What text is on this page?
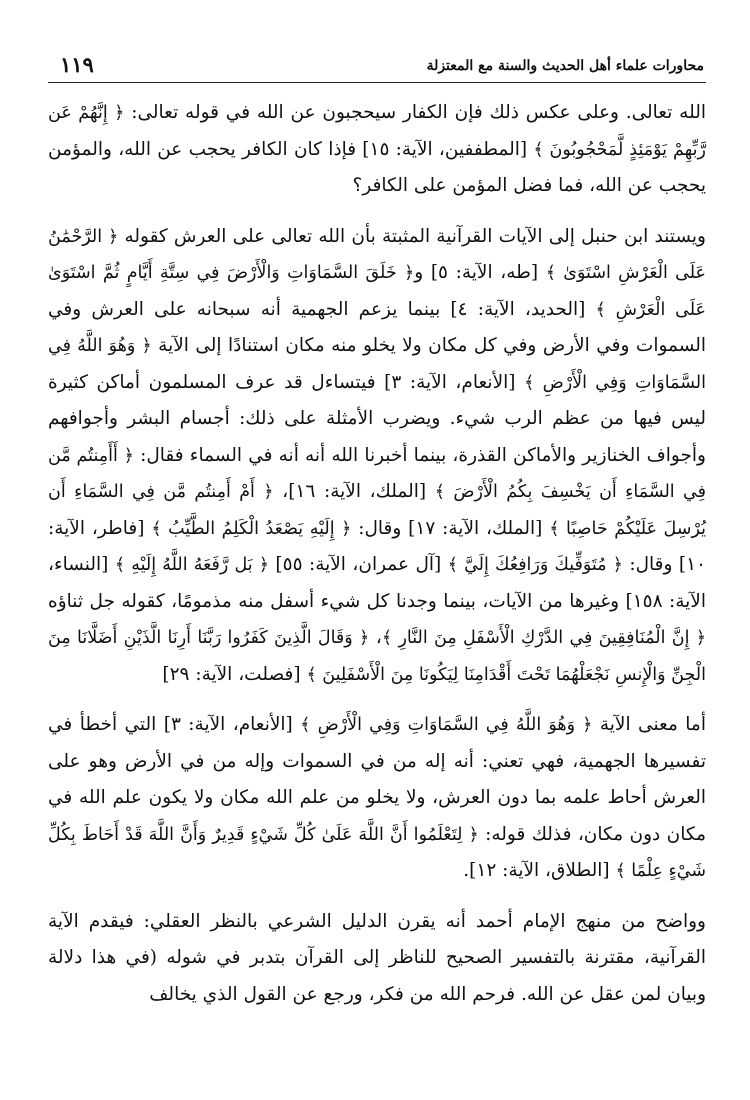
محاورات علماء أهل الحديث والسنة مع المعتزلة
١١٩

الله تعالى. وعلى عكس ذلك فإن الكفار سيحجبون عن الله في قوله تعالى: ﴿ إِنَّهُمْ عَن رَّبِّهِمْ يَوْمَئِذٍ لَّمَحْجُوبُونَ ﴾ [المطففين، الآية: ١٥] فإذا كان الكافر يحجب عن الله، والمؤمن يحجب عن الله، فما فضل المؤمن على الكافر؟

ويستند ابن حنبل إلى الآيات القرآنية المثبتة بأن الله تعالى على العرش كقوله ﴿ الرَّحْمَٰنُ عَلَى الْعَرْشِ اسْتَوَىٰ ﴾ [طه، الآية: ٥] و﴿ خَلَقَ السَّمَاوَاتِ وَالْأَرْضَ فِي سِتَّةِ أَيَّامٍ ثُمَّ اسْتَوَىٰ عَلَى الْعَرْشِ ﴾ [الحديد، الآية: ٤] بينما يزعم الجهمية أنه سبحانه على العرش وفي السموات وفي الأرض وفي كل مكان ولا يخلو منه مكان استنادًا إلى الآية ﴿ وَهُوَ اللَّهُ فِي السَّمَاوَاتِ وَفِي الْأَرْضِ ﴾ [الأنعام، الآية: ٣] فيتساءل قد عرف المسلمون أماكن كثيرة ليس فيها من عظم الرب شيء. ويضرب الأمثلة على ذلك: أجسام البشر وأجوافهم وأجواف الخنازير والأماكن القذرة، بينما أخبرنا الله أنه أنه في السماء فقال: ﴿ أَأَمِنتُم مَّن فِي السَّمَاءِ أَن يَخْسِفَ بِكُمُ الْأَرْضَ ﴾ [الملك، الآية: ١٦]، ﴿ أَمْ أَمِنتُم مَّن فِي السَّمَاءِ أَن يُرْسِلَ عَلَيْكُمْ حَاصِبًا ﴾ [الملك، الآية: ١٧] وقال: ﴿ إِلَيْهِ يَصْعَدُ الْكَلِمُ الطَّيِّبُ ﴾ [فاطر، الآية: ١٠] وقال: ﴿ مُتَوَفِّيكَ وَرَافِعُكَ إِلَيَّ ﴾ [آل عمران، الآية: ٥٥] ﴿ بَل رَّفَعَهُ اللَّهُ إِلَيْهِ ﴾ [النساء، الآية: ١٥٨] وغيرها من الآيات، بينما وجدنا كل شيء أسفل منه مذمومًا، كقوله جل ثناؤه ﴿ إِنَّ الْمُنَافِقِينَ فِي الدَّرْكِ الْأَسْفَلِ مِنَ النَّارِ ﴾، ﴿ وَقَالَ الَّذِينَ كَفَرُوا رَبَّنَا أَرِنَا الَّذَيْنِ أَضَلَّانَا مِنَ الْجِنِّ وَالْإِنسِ نَجْعَلْهُمَا تَحْتَ أَقْدَامِنَا لِيَكُونَا مِنَ الْأَسْفَلِينَ ﴾ [فصلت، الآية: ٢٩]

أما معنى الآية ﴿ وَهُوَ اللَّهُ فِي السَّمَاوَاتِ وَفِي الْأَرْضِ ﴾ [الأنعام، الآية: ٣] التي أخطأ في تفسيرها الجهمية، فهي تعني: أنه إله من في السموات وإله من في الأرض وهو على العرش أحاط علمه بما دون العرش، ولا يخلو من علم الله مكان ولا يكون علم الله في مكان دون مكان، فذلك قوله: ﴿ لِتَعْلَمُوا أَنَّ اللَّهَ عَلَىٰ كُلِّ شَيْءٍ قَدِيرٌ وَأَنَّ اللَّهَ قَدْ أَحَاطَ بِكُلِّ شَيْءٍ عِلْمًا ﴾ [الطلاق، الآية: ١٢].

وواضح من منهج الإمام أحمد أنه يقرن الدليل الشرعي بالنظر العقلي: فيقدم الآية القرآنية، مقترنة بالتفسير الصحيح للناظر إلى القرآن بتدبر في شوله (في هذا دلالة وبيان لمن عقل عن الله. فرحم الله من فكر، ورجع عن القول الذي يخالف
